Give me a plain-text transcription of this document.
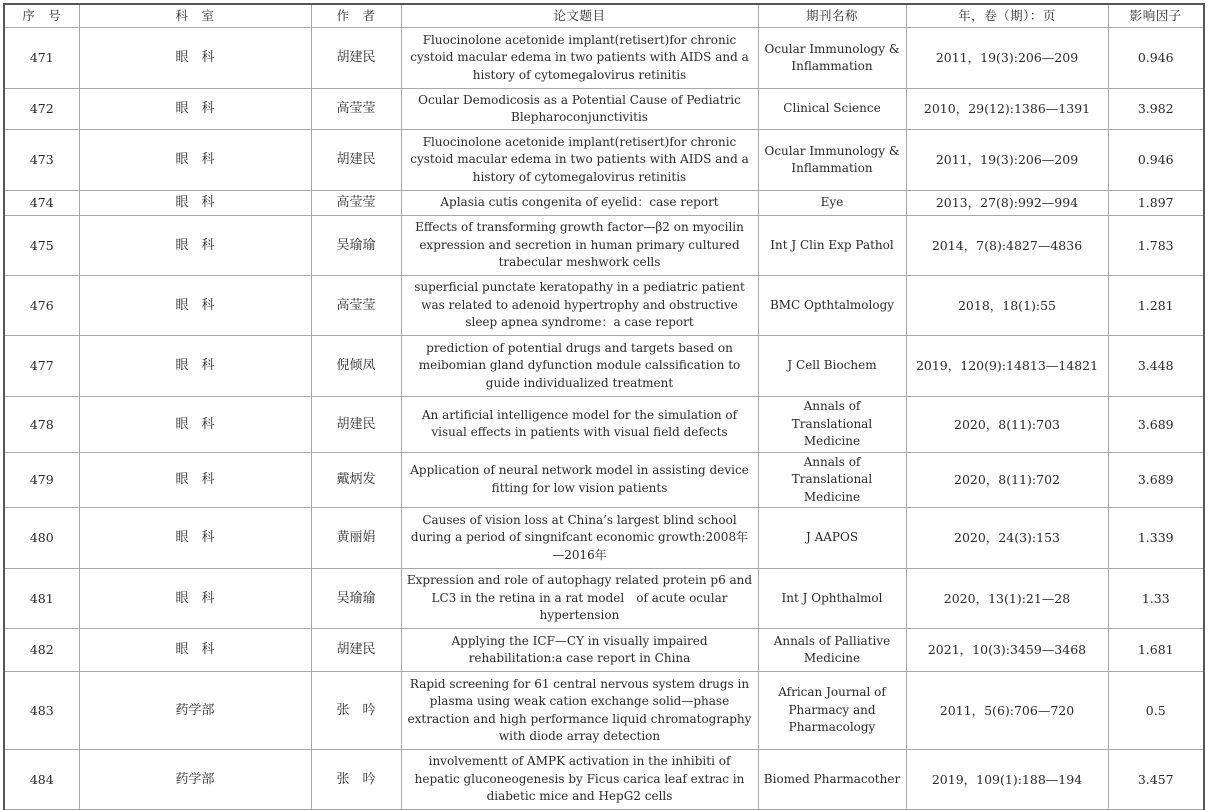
序　号	科　室	作　者	论文题目	期刊名称	年，卷（期）：页	影响因子
471	眼　科	胡建民	Fluocinolone acetonide implant(retisert)for chronic cystoid macular edema in two patients with AIDS and a history of cytomegalovirus retinitis	Ocular Immunology & Inflammation	2011，19(3):206—209	0.946
472	眼　科	高莹莹	Ocular Demodicosis as a Potential Cause of Pediatric Blepharoconjunctivitis	Clinical Science	2010，29(12):1386—1391	3.982
473	眼　科	胡建民	Fluocinolone acetonide implant(retisert)for chronic cystoid macular edema in two patients with AIDS and a history of cytomegalovirus retinitis	Ocular Immunology & Inflammation	2011，19(3):206—209	0.946
474	眼　科	高莹莹	Aplasia cutis congenita of eyelid：case report	Eye	2013，27(8):992—994	1.897
475	眼　科	吴瑜瑜	Effects of transforming growth factor—β2 on myocilin expression and secretion in human primary cultured trabecular meshwork cells	Int J Clin Exp Pathol	2014，7(8):4827—4836	1.783
476	眼　科	高莹莹	superficial punctate keratopathy in a pediatric patient was related to adenoid hypertrophy and obstructive sleep apnea syndrome：a case report	BMC Opthtalmology	2018，18(1):55	1.281
477	眼　科	倪倾凤	prediction of potential drugs and targets based on meibomian gland dyfunction module calssification to guide individualized treatment	J Cell Biochem	2019，120(9):14813—14821	3.448
478	眼　科	胡建民	An artificial intelligence model for the simulation of visual effects in patients with visual field defects	Annals of Translational Medicine	2020，8(11):703	3.689
479	眼　科	戴炳发	Application of neural network model in assisting device fitting for low vision patients	Annals of Translational Medicine	2020，8(11):702	3.689
480	眼　科	黄丽娟	Causes of vision loss at China’s largest blind school during a period of singnifcant economic growth:2008年—2016年	J AAPOS	2020，24(3):153	1.339
481	眼　科	吴瑜瑜	Expression and role of autophagy related protein p6 and LC3 in the retina in a rat model　of acute ocular hypertension	Int J Ophthalmol	2020，13(1):21—28	1.33
482	眼　科	胡建民	Applying the ICF—CY in visually impaired rehabilitation:a case report in China	Annals of Palliative Medicine	2021，10(3):3459—3468	1.681
483	药学部	张　吟	Rapid screening for 61 central nervous system drugs in plasma using weak cation exchange solid—phase extraction and high performance liquid chromatography with diode array detection	African Journal of Pharmacy and Pharmacology	2011，5(6):706—720	0.5
484	药学部	张　吟	involvementt of AMPK activation in the inhibiti of hepatic gluconeogenesis by Ficus carica leaf extrac in diabetic mice and HepG2 cells	Biomed Pharmacother	2019，109(1):188—194	3.457
